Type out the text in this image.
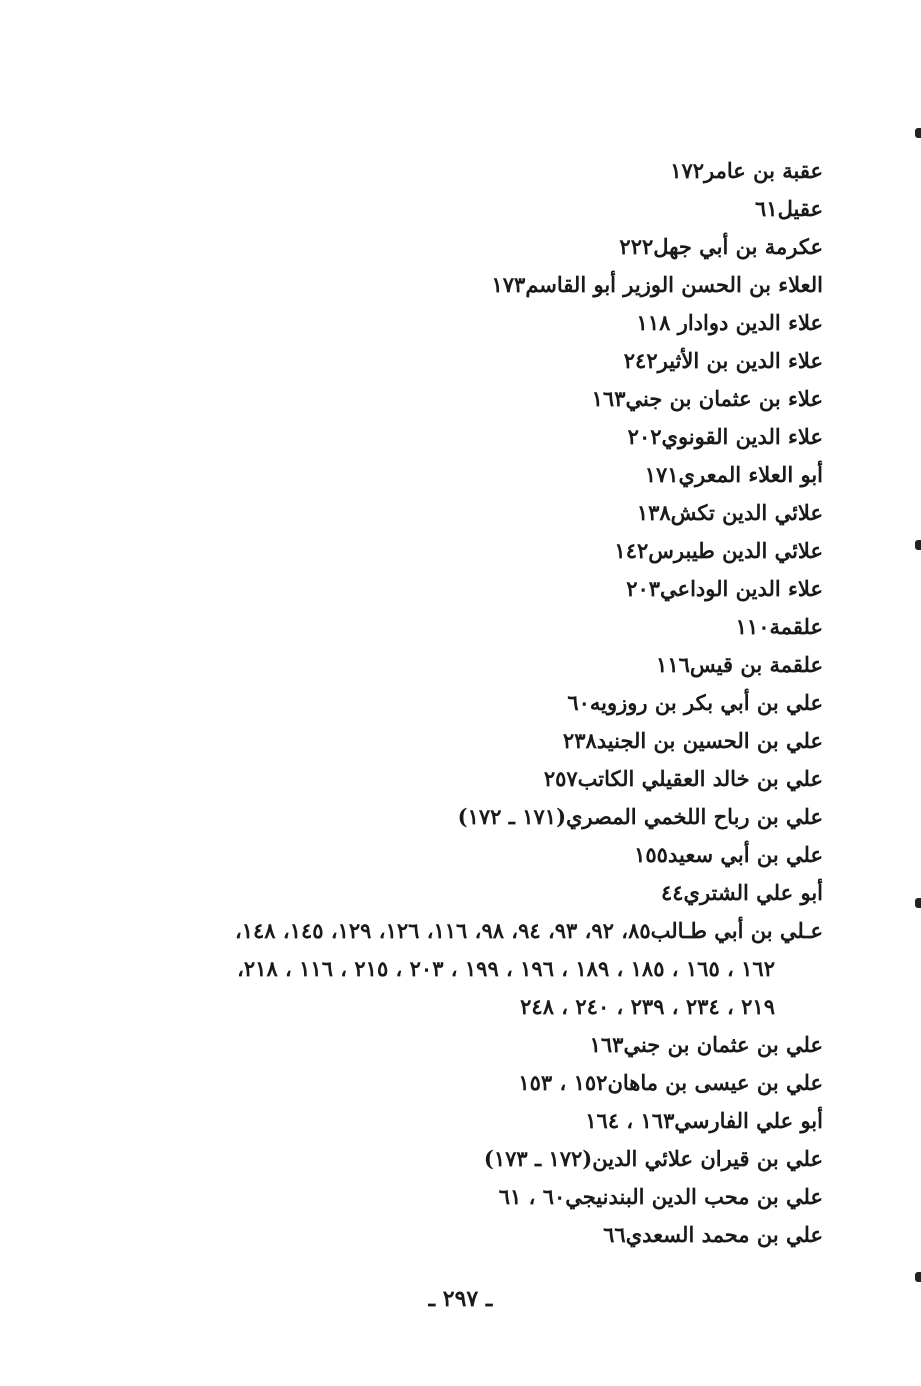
عقبة بن عامر١٧٢
عقيل٦١
عكرمة بن أبي جهل٢٢٢
العلاء بن الحسن الوزير أبو القاسم١٧٣
علاء الدين دوادار ١١٨
علاء الدين بن الأثير٢٤٢
علاء بن عثمان بن جني١٦٣
علاء الدين القونوي٢٠٢
أبو العلاء المعري١٧١
علائي الدين تكش١٣٨
علائي الدين طيبرس١٤٢
علاء الدين الوداعي٢٠٣
علقمة١١٠
علقمة بن قيس١١٦
علي بن أبي بكر بن روزويه٦٠
علي بن الحسين بن الجنيد٢٣٨
علي بن خالد العقيلي الكاتب٢٥٧
علي بن رباح اللخمي المصري(١٧١ ـ ١٧٢)
علي بن أبي سعيد١٥٥
أبو علي الشتري٤٤
عـلي بن أبي طـالب٨٥، ٩٢، ٩٣، ٩٤، ٩٨، ١١٦، ١٢٦، ١٢٩، ١٤٥، ١٤٨،
١٦٢ ، ١٦٥ ، ١٨٥ ، ١٨٩ ، ١٩٦ ، ١٩٩ ، ٢٠٣ ، ٢١٥ ، ١١٦ ، ٢١٨،
٢١٩ ، ٢٣٤ ، ٢٣٩ ، ٢٤٠ ، ٢٤٨
علي بن عثمان بن جني١٦٣
علي بن عيسى بن ماهان١٥٢ ، ١٥٣
أبو علي الفارسي١٦٣ ، ١٦٤
علي بن قيران علائي الدين(١٧٢ ـ ١٧٣)
علي بن محب الدين البندنيجي٦٠ ، ٦١
علي بن محمد السعدي٦٦
ـ ٢٩٧ ـ
